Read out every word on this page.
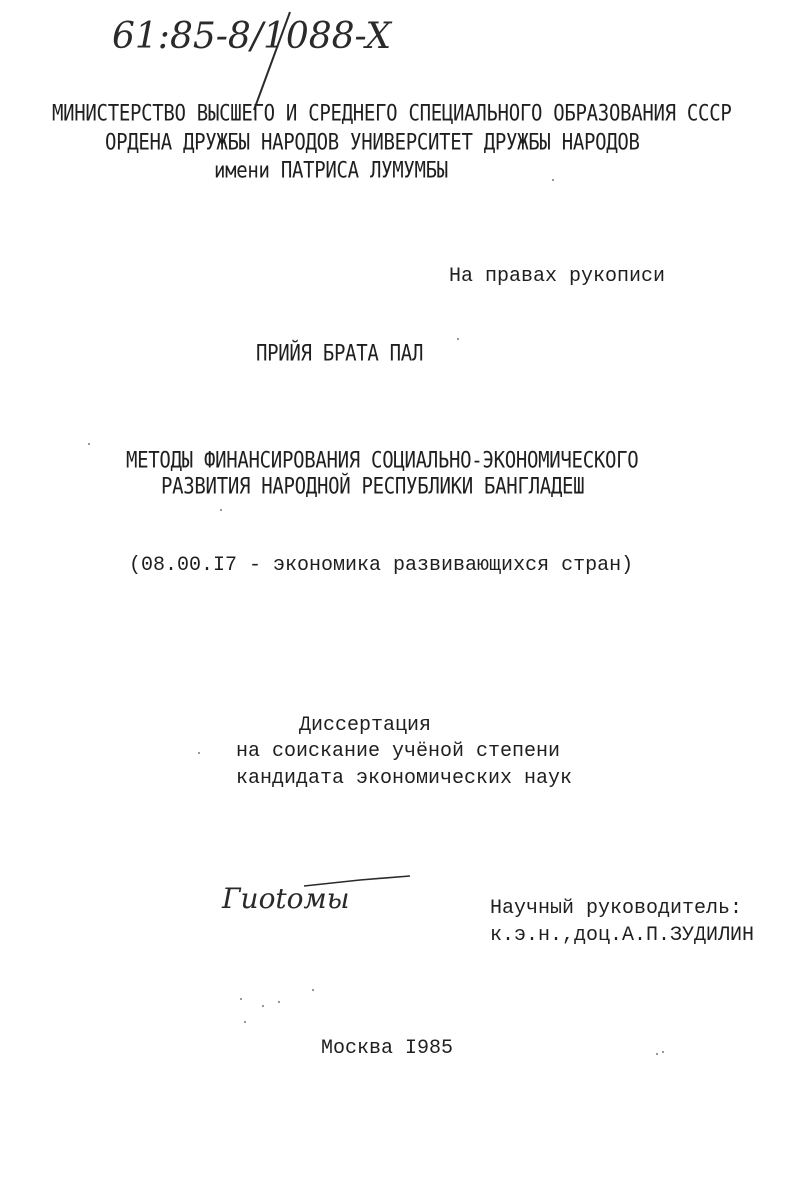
61:85-8/1088-X
МИНИСТЕРСТВО ВЫСШЕГО И СРЕДНЕГО СПЕЦИАЛЬНОГО ОБРАЗОВАНИЯ СССР
ОРДЕНА ДРУЖБЫ НАРОДОВ УНИВЕРСИТЕТ ДРУЖБЫ НАРОДОВ
имени ПАТРИСА ЛУМУМБЫ
На правах рукописи
ПРИЙЯ БРАТА ПАЛ
МЕТОДЫ ФИНАНСИРОВАНИЯ СОЦИАЛЬНО-ЭКОНОМИЧЕСКОГО
РАЗВИТИЯ НАРОДНОЙ РЕСПУБЛИКИ БАНГЛАДЕШ
(08.00.I7 - экономика развивающихся стран)
Диссертация
на соискание учёной степени
кандидата экономических наук
Гиоtoмы	Научный руководитель:
к.э.н.,доц.А.П.ЗУДИЛИН
Москва I985
